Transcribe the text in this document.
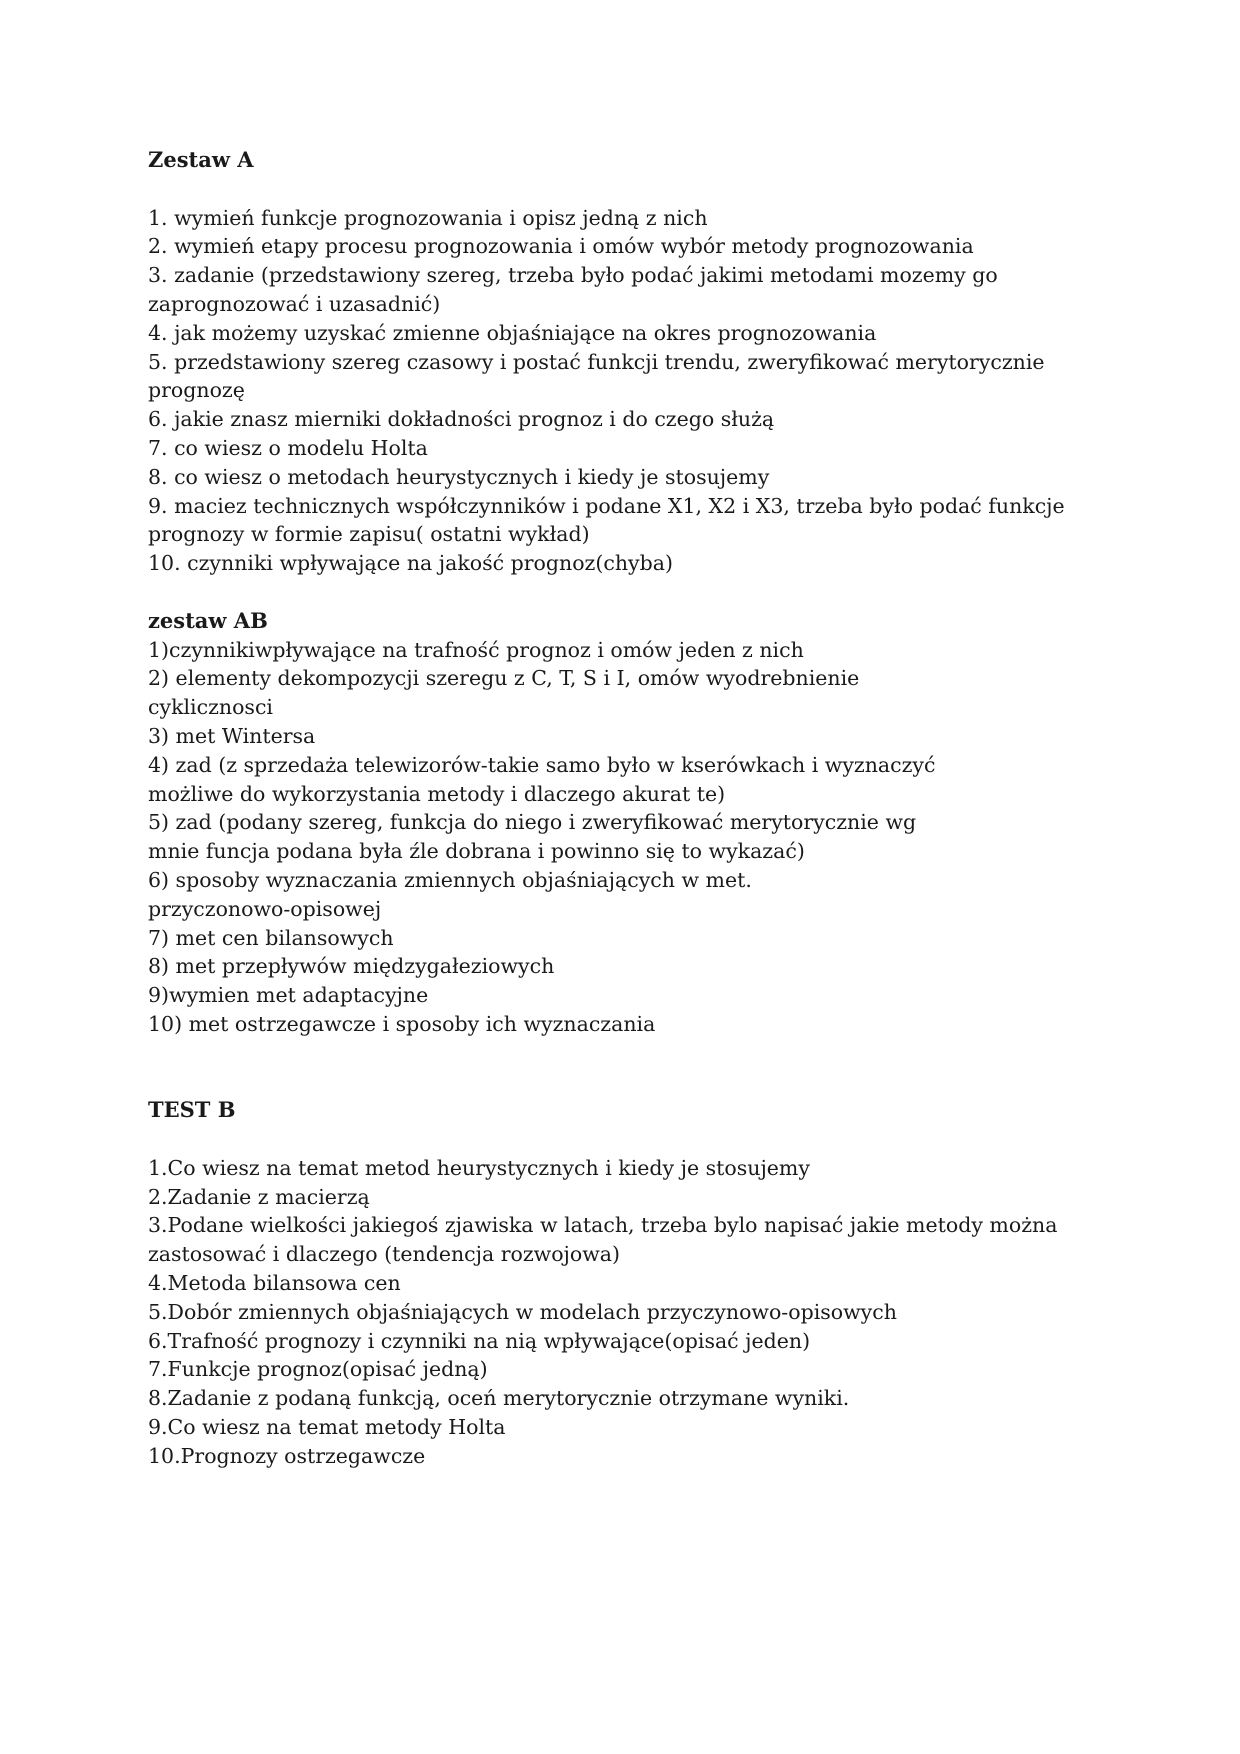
Zestaw A
1. wymień funkcje prognozowania i opisz jedną z nich
2. wymień etapy procesu prognozowania i omów wybór metody prognozowania
3. zadanie (przedstawiony szereg, trzeba było podać jakimi metodami mozemy go
zaprognozować i uzasadnić)
4. jak możemy uzyskać zmienne objaśniające na okres prognozowania
5. przedstawiony szereg czasowy i postać funkcji trendu, zweryfikować merytorycznie
prognozę
6. jakie znasz mierniki dokładności prognoz i do czego służą
7. co wiesz o modelu Holta
8. co wiesz o metodach heurystycznych i kiedy je stosujemy
9. maciez technicznych współczynników i podane X1, X2 i X3, trzeba było podać funkcje
prognozy w formie zapisu( ostatni wykład)
10. czynniki wpływające na jakość prognoz(chyba)
zestaw AB
1)czynnikiwpływające na trafność prognoz i omów jeden z nich
2) elementy dekompozycji szeregu z C, T, S i I, omów wyodrebnienie
cyklicznosci
3) met Wintersa
4) zad (z sprzedaża telewizorów-takie samo było w kserówkach i wyznaczyć
możliwe do wykorzystania metody i dlaczego akurat te)
5) zad (podany szereg, funkcja do niego i zweryfikować merytorycznie wg
mnie funcja podana była źle dobrana i powinno się to wykazać)
6) sposoby wyznaczania zmiennych objaśniających w met.
przyczonowo-opisowej
7) met cen bilansowych
8) met przepływów międzygałeziowych
9)wymien met adaptacyjne
10) met ostrzegawcze i sposoby ich wyznaczania
TEST B
1.Co wiesz na temat metod heurystycznych i kiedy je stosujemy
2.Zadanie z macierzą
3.Podane wielkości jakiegoś zjawiska w latach, trzeba bylo napisać jakie metody można
zastosować i dlaczego (tendencja rozwojowa)
4.Metoda bilansowa cen
5.Dobór zmiennych objaśniających w modelach przyczynowo-opisowych
6.Trafność prognozy i czynniki na nią wpływające(opisać jeden)
7.Funkcje prognoz(opisać jedną)
8.Zadanie z podaną funkcją, oceń merytorycznie otrzymane wyniki.
9.Co wiesz na temat metody Holta
10.Prognozy ostrzegawcze
